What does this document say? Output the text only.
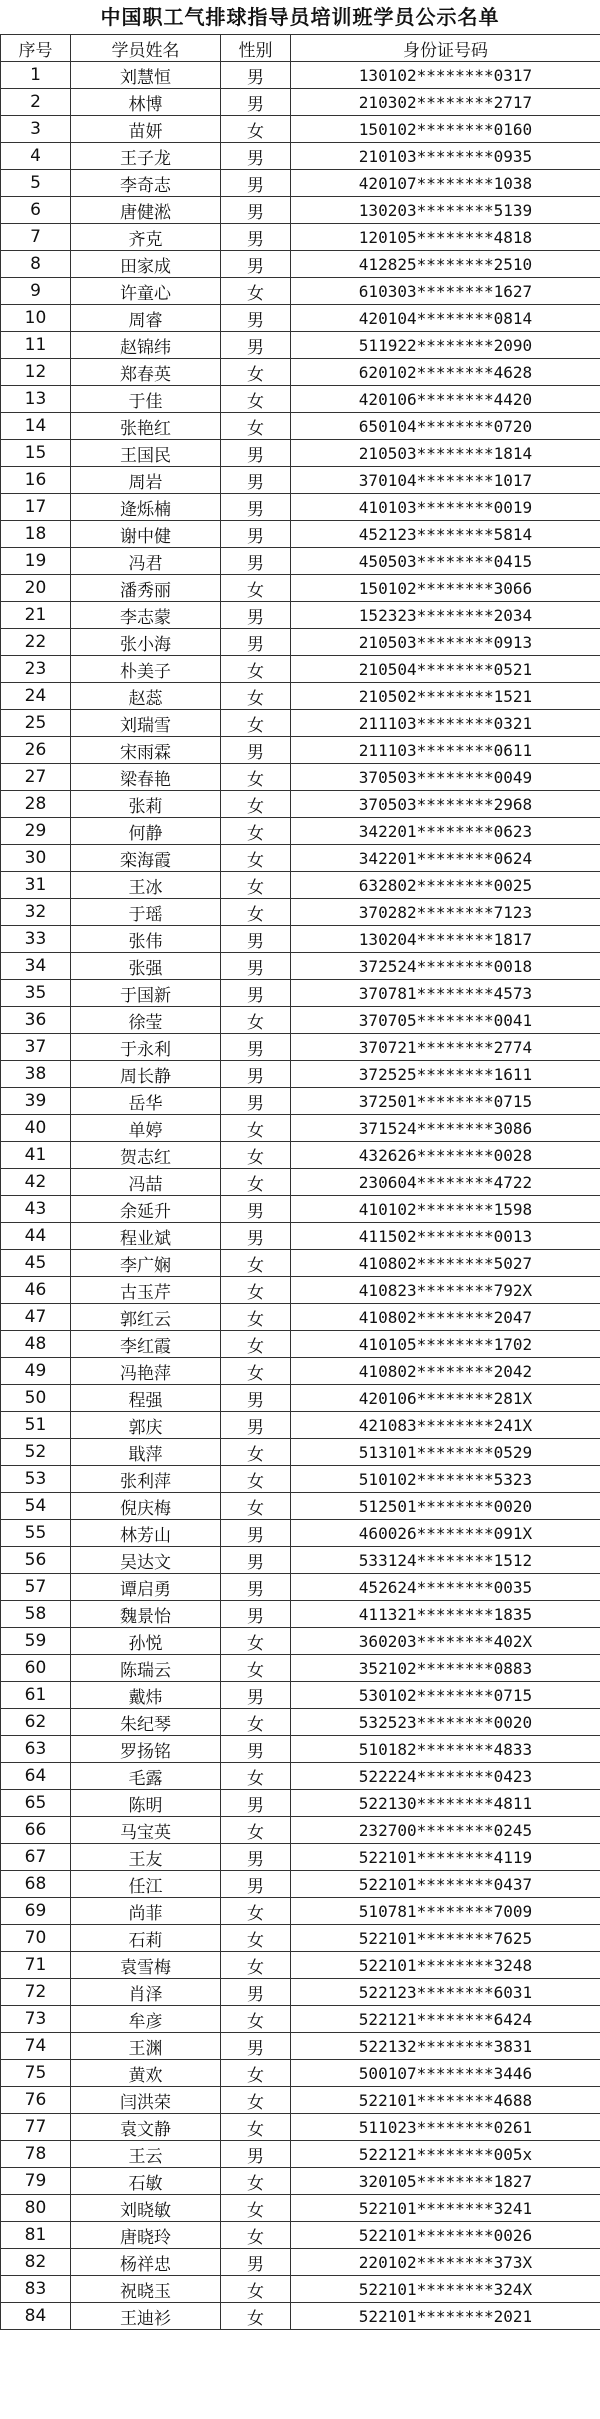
中国职工气排球指导员培训班学员公示名单
序号	学员姓名	性别	身份证号码
1	刘慧恒	男	130102********0317
2	林博	男	210302********2717
3	苗妍	女	150102********0160
4	王子龙	男	210103********0935
5	李奇志	男	420107********1038
6	唐健淞	男	130203********5139
7	齐克	男	120105********4818
8	田家成	男	412825********2510
9	许童心	女	610303********1627
10	周睿	男	420104********0814
11	赵锦纬	男	511922********2090
12	郑春英	女	620102********4628
13	于佳	女	420106********4420
14	张艳红	女	650104********0720
15	王国民	男	210503********1814
16	周岩	男	370104********1017
17	逄烁楠	男	410103********0019
18	谢中健	男	452123********5814
19	冯君	男	450503********0415
20	潘秀丽	女	150102********3066
21	李志蒙	男	152323********2034
22	张小海	男	210503********0913
23	朴美子	女	210504********0521
24	赵蕊	女	210502********1521
25	刘瑞雪	女	211103********0321
26	宋雨霖	男	211103********0611
27	梁春艳	女	370503********0049
28	张莉	女	370503********2968
29	何静	女	342201********0623
30	栾海霞	女	342201********0624
31	王冰	女	632802********0025
32	于瑶	女	370282********7123
33	张伟	男	130204********1817
34	张强	男	372524********0018
35	于国新	男	370781********4573
36	徐莹	女	370705********0041
37	于永利	男	370721********2774
38	周长静	男	372525********1611
39	岳华	男	372501********0715
40	单婷	女	371524********3086
41	贺志红	女	432626********0028
42	冯喆	女	230604********4722
43	余延升	男	410102********1598
44	程业斌	男	411502********0013
45	李广娴	女	410802********5027
46	古玉芹	女	410823********792X
47	郭红云	女	410802********2047
48	李红霞	女	410105********1702
49	冯艳萍	女	410802********2042
50	程强	男	420106********281X
51	郭庆	男	421083********241X
52	戢萍	女	513101********0529
53	张利萍	女	510102********5323
54	倪庆梅	女	512501********0020
55	林芳山	男	460026********091X
56	吴达文	男	533124********1512
57	谭启勇	男	452624********0035
58	魏景怡	男	411321********1835
59	孙悦	女	360203********402X
60	陈瑞云	女	352102********0883
61	戴炜	男	530102********0715
62	朱纪琴	女	532523********0020
63	罗扬铭	男	510182********4833
64	毛露	女	522224********0423
65	陈明	男	522130********4811
66	马宝英	女	232700********0245
67	王友	男	522101********4119
68	任江	男	522101********0437
69	尚菲	女	510781********7009
70	石莉	女	522101********7625
71	袁雪梅	女	522101********3248
72	肖泽	男	522123********6031
73	牟彦	女	522121********6424
74	王渊	男	522132********3831
75	黄欢	女	500107********3446
76	闫洪荣	女	522101********4688
77	袁文静	女	511023********0261
78	王云	男	522121********005x
79	石敏	女	320105********1827
80	刘晓敏	女	522101********3241
81	唐晓玲	女	522101********0026
82	杨祥忠	男	220102********373X
83	祝晓玉	女	522101********324X
84	王迪衫	女	522101********2021
